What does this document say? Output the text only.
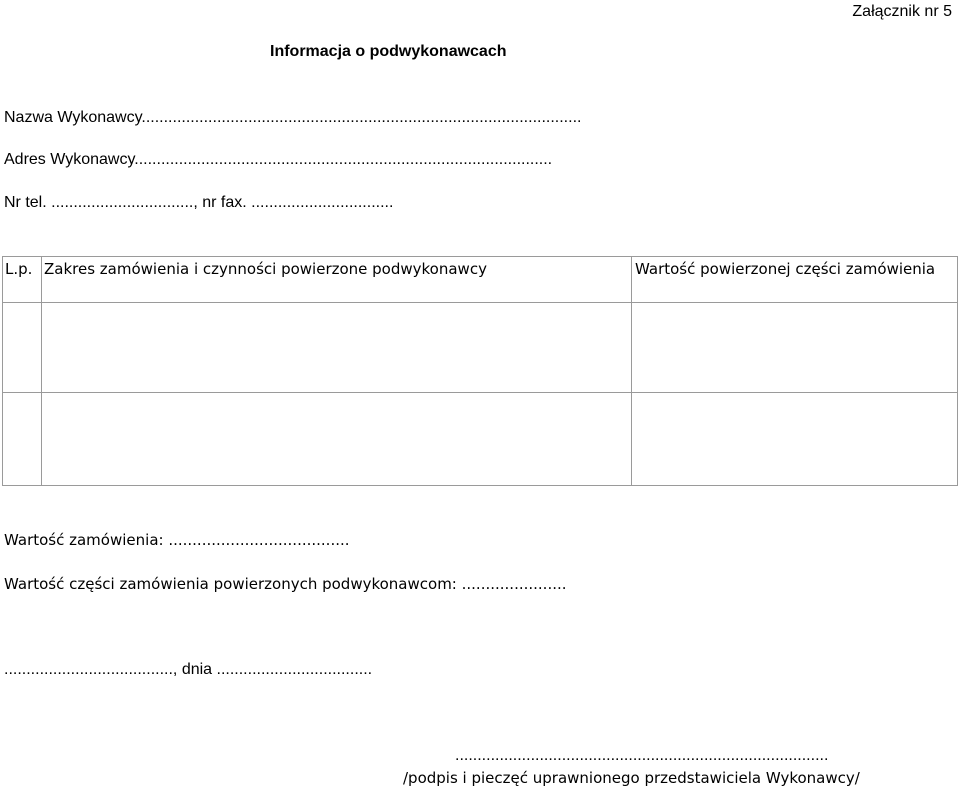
Załącznik nr 5
Informacja o podwykonawcach
Nazwa Wykonawcy...................................................................................................
Adres Wykonawcy..............................................................................................
Nr tel. ................................, nr fax. ................................
L.p. Zakres zamówienia i czynności powierzone podwykonawcy	Wartość powierzonej części zamówienia
Wartość zamówienia: ......................................
Wartość części zamówienia powierzonych podwykonawcom: ......................
......................................, dnia ...................................
....................................................................................
/podpis i pieczęć uprawnionego przedstawiciela Wykonawcy/
